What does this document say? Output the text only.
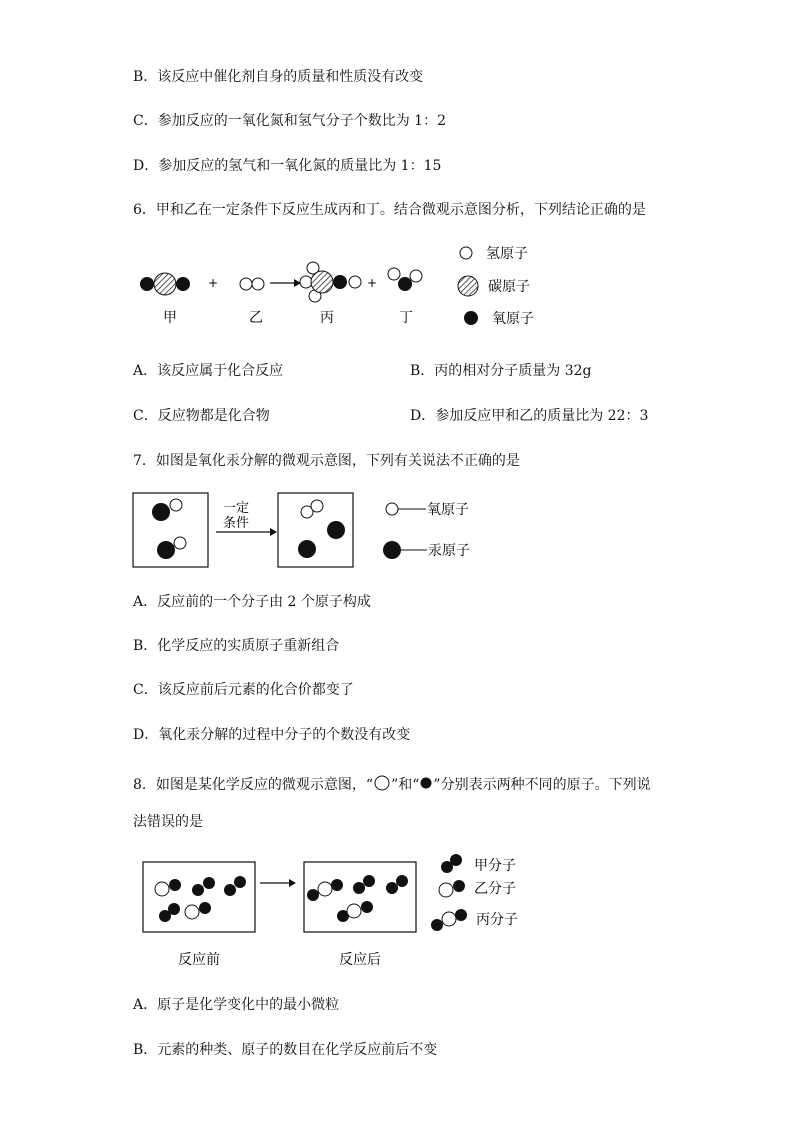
B．该反应中催化剂自身的质量和性质没有改变
C．参加反应的一氧化氮和氢气分子个数比为 1：2
D．参加反应的氢气和一氧化氮的质量比为 1：15
6．甲和乙在一定条件下反应生成丙和丁。结合微观示意图分析，下列结论正确的是
+	+
甲	乙	丙	丁
氢原子
碳原子
氧原子
A．该反应属于化合反应	B．丙的相对分子质量为 32g
C．反应物都是化合物	D．参加反应甲和乙的质量比为 22：3
7．如图是氧化汞分解的微观示意图，下列有关说法不正确的是
一定
条件
氧原子
汞原子
A．反应前的一个分子由 2 个原子构成
B．化学反应的实质原子重新组合
C．该反应前后元素的化合价都变了
D．氧化汞分解的过程中分子的个数没有改变
8．如图是某化学反应的微观示意图，“ ”和“ ”分别表示两种不同的原子。下列说
法错误的是
反应前	反应后
甲分子
乙分子
丙分子
A．原子是化学变化中的最小微粒
B．元素的种类、原子的数目在化学反应前后不变
